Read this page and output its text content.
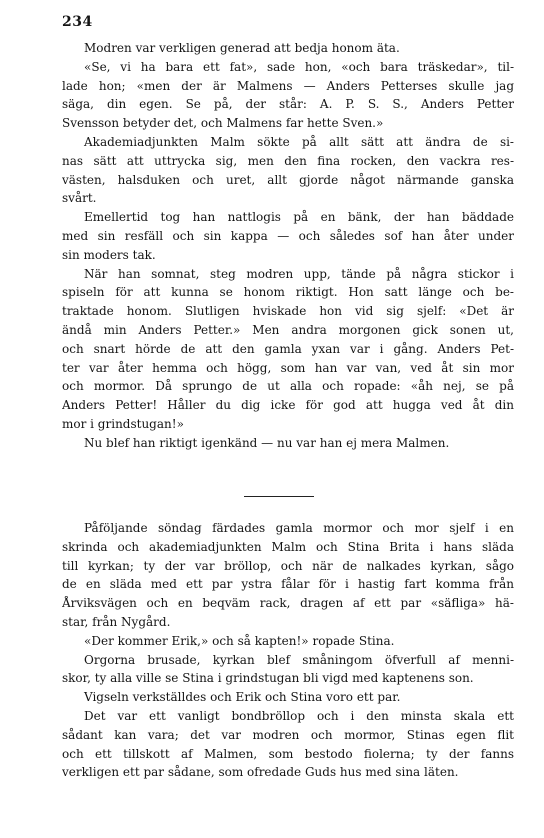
234
Modren var verkligen generad att bedja honom äta.
«Se, vi ha bara ett fat», sade hon, «och bara träskedar», til-
lade hon; «men der är Malmens — Anders Petterses skulle jag
säga, din egen. Se på, der står: A. P. S. S., Anders Petter
Svensson betyder det, och Malmens far hette Sven.»
Akademiadjunkten Malm sökte på allt sätt att ändra de si-
nas sätt att uttrycka sig, men den fina rocken, den vackra res-
västen, halsduken och uret, allt gjorde något närmande ganska
svårt.
Emellertid tog han nattlogis på en bänk, der han bäddade
med sin resfäll och sin kappa — och således sof han åter under
sin moders tak.
När han somnat, steg modren upp, tände på några stickor i
spiseln för att kunna se honom riktigt. Hon satt länge och be-
traktade honom. Slutligen hviskade hon vid sig sjelf: «Det är
ändå min Anders Petter.» Men andra morgonen gick sonen ut,
och snart hörde de att den gamla yxan var i gång. Anders Pet-
ter var åter hemma och högg, som han var van, ved åt sin mor
och mormor. Då sprungo de ut alla och ropade: «åh nej, se på
Anders Petter! Håller du dig icke för god att hugga ved åt din
mor i grindstugan!»
Nu blef han riktigt igenkänd — nu var han ej mera Malmen.
Påföljande söndag färdades gamla mormor och mor sjelf i en
skrinda och akademiadjunkten Malm och Stina Brita i hans släda
till kyrkan; ty der var bröllop, och när de nalkades kyrkan, sågo
de en släda med ett par ystra fålar för i hastig fart komma från
Årviksvägen och en beqväm rack, dragen af ett par «säfliga» hä-
star, från Nygård.
«Der kommer Erik,» och så kapten!» ropade Stina.
Orgorna brusade, kyrkan blef småningom öfverfull af menni-
skor, ty alla ville se Stina i grindstugan bli vigd med kaptenens son.
Vigseln verkställdes och Erik och Stina voro ett par.
Det var ett vanligt bondbröllop och i den minsta skala ett
sådant kan vara; det var modren och mormor, Stinas egen flit
och ett tillskott af Malmen, som bestodo fiolerna; ty der fanns
verkligen ett par sådane, som ofredade Guds hus med sina läten.
